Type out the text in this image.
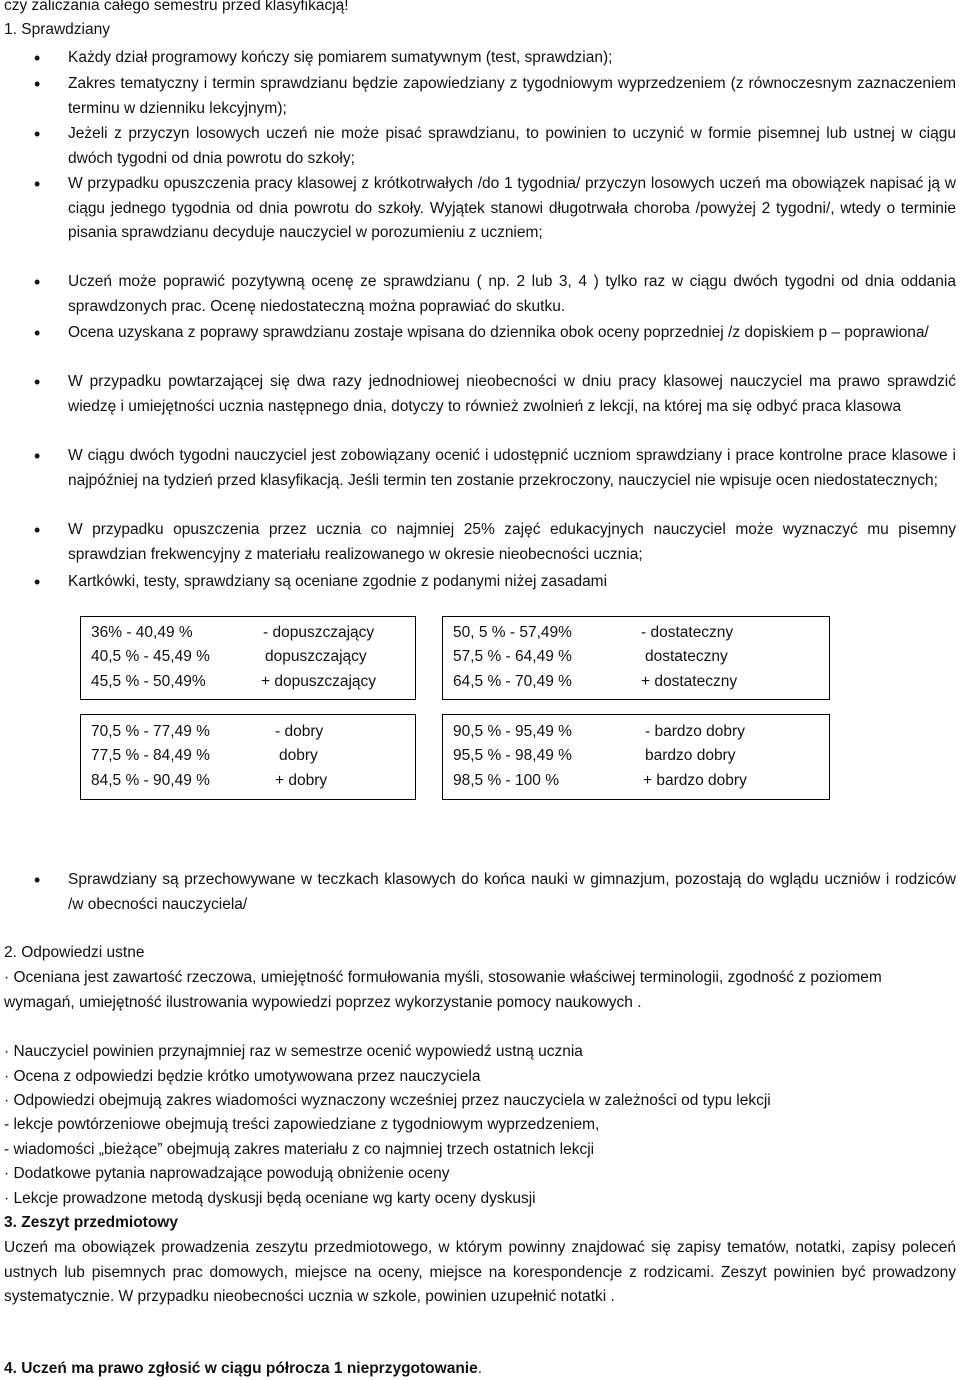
czy zaliczania całego semestru przed klasyfikacją!
1. Sprawdziany
• Każdy dział programowy kończy się pomiarem sumatywnym (test, sprawdzian);
• Zakres tematyczny i termin sprawdzianu będzie zapowiedziany z tygodniowym wyprzedzeniem (z równoczesnym zaznaczeniem terminu w dzienniku lekcyjnym);
• Jeżeli z przyczyn losowych uczeń nie może pisać sprawdzianu, to powinien to uczynić w formie pisemnej lub ustnej w ciągu dwóch tygodni od dnia powrotu do szkoły;
• W przypadku opuszczenia pracy klasowej z krótkotrwałych /do 1 tygodnia/ przyczyn losowych uczeń ma obowiązek napisać ją w ciągu jednego tygodnia od dnia powrotu do szkoły. Wyjątek stanowi długotrwała choroba /powyżej 2 tygodni/, wtedy o terminie pisania sprawdzianu decyduje nauczyciel w porozumieniu z uczniem;
• Uczeń może poprawić pozytywną ocenę ze sprawdzianu ( np. 2 lub 3, 4 ) tylko raz w ciągu dwóch tygodni od dnia oddania sprawdzonych prac. Ocenę niedostateczną można poprawiać do skutku.
• Ocena uzyskana z poprawy sprawdzianu zostaje wpisana do dziennika obok oceny poprzedniej /z dopiskiem p – poprawiona/
• W przypadku powtarzającej się dwa razy jednodniowej nieobecności w dniu pracy klasowej nauczyciel ma prawo sprawdzić wiedzę i umiejętności ucznia następnego dnia, dotyczy to również zwolnień z lekcji, na której ma się odbyć praca klasowa
• W ciągu dwóch tygodni nauczyciel jest zobowiązany ocenić i udostępnić uczniom sprawdziany i prace kontrolne prace klasowe i najpóźniej na tydzień przed klasyfikacją. Jeśli termin ten zostanie przekroczony, nauczyciel nie wpisuje ocen niedostatecznych;
• W przypadku opuszczenia przez ucznia co najmniej 25% zajęć edukacyjnych nauczyciel może wyznaczyć mu pisemny sprawdzian frekwencyjny z materiału realizowanego w okresie nieobecności ucznia;
• Kartkówki, testy, sprawdziany są oceniane zgodnie z podanymi niżej zasadami
36% - 40,49 %	- dopuszczający
40,5 % - 45,49 %	dopuszczający
45,5 % - 50,49%	+ dopuszczający
50, 5 % - 57,49%	- dostateczny
57,5 % - 64,49 %	dostateczny
64,5 % - 70,49 %	+ dostateczny
70,5 % - 77,49 %	- dobry
77,5 % - 84,49 %	dobry
84,5 % - 90,49 %	+ dobry
90,5 % - 95,49 %	- bardzo dobry
95,5 % - 98,49 %	bardzo dobry
98,5 % - 100 %	+ bardzo dobry
• Sprawdziany są przechowywane w teczkach klasowych do końca nauki w gimnazjum, pozostają do wglądu uczniów i rodziców /w obecności nauczyciela/
2. Odpowiedzi ustne
· Oceniana jest zawartość rzeczowa, umiejętność formułowania myśli, stosowanie właściwej terminologii, zgodność z poziomem wymagań, umiejętność ilustrowania wypowiedzi poprzez wykorzystanie pomocy naukowych .
· Nauczyciel powinien przynajmniej raz w semestrze ocenić wypowiedź ustną ucznia
· Ocena z odpowiedzi będzie krótko umotywowana przez nauczyciela
· Odpowiedzi obejmują zakres wiadomości wyznaczony wcześniej przez nauczyciela w zależności od typu lekcji
- lekcje powtórzeniowe obejmują treści zapowiedziane z tygodniowym wyprzedzeniem,
- wiadomości „bieżące” obejmują zakres materiału z co najmniej trzech ostatnich lekcji
· Dodatkowe pytania naprowadzające powodują obniżenie oceny
· Lekcje prowadzone metodą dyskusji będą oceniane wg karty oceny dyskusji
3. Zeszyt przedmiotowy
Uczeń ma obowiązek prowadzenia zeszytu przedmiotowego, w którym powinny znajdować się zapisy tematów, notatki, zapisy poleceń ustnych lub pisemnych prac domowych, miejsce na oceny, miejsce na korespondencje z rodzicami. Zeszyt powinien być prowadzony systematycznie. W przypadku nieobecności ucznia w szkole, powinien uzupełnić notatki .
4. Uczeń ma prawo zgłosić w ciągu półrocza 1 nieprzygotowanie.
